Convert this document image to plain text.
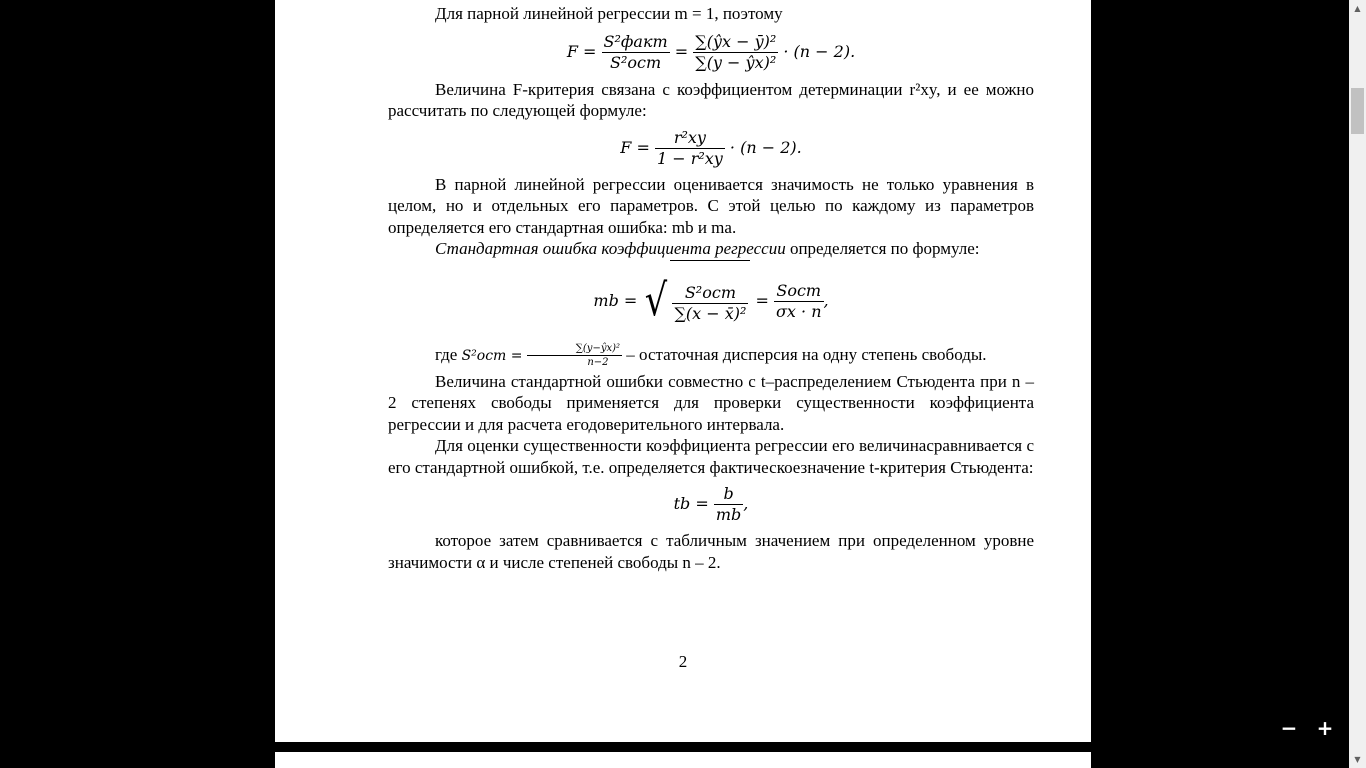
Для парной линейной регрессии m = 1, поэтому

$F = \frac{\text{S²факт}}{\text{S²ост}} = \frac{\text{∑(ŷx − ȳ)²}}{\text{∑(y − ŷx)²}} \cdot (n - 2)$.

Величина F-критерия связана с коэффициентом детерминации r²xy, и ее можно рассчитать по следующей формуле:

$F = \frac{\text{r²xy}}{\text{1 − r²xy}} \cdot (n - 2)$.

В парной линейной регрессии оценивается значимость не только уравнения в целом, но и отдельных его параметров. С этой целью по каждому из параметров определяется его стандартная ошибка: mb и ma.

Стандартная ошибка коэффициента регрессии определяется по формуле:

mb = √ $\frac{\text{S²ост}}{\text{∑(x − x̄)²}} = \frac{\text{Sост}}{\sigma x \cdot n}$ ,

где $S^2ост = \frac{\text{∑(y−ŷx)²}}{n-2}$ – остаточная дисперсия на одну степень свободы.

Величина стандартной ошибки совместно с t–распределением Стьюдента при n – 2 степенях свободы применяется для проверки существенности коэффициента регрессии и для расчета егодоверительного интервала.

Для оценки существенности коэффициента регрессии его величинасравнивается с его стандартной ошибкой, т.е. определяется фактическоезначение t-критерия Стьюдента:

tb = $\frac{b}{mb}$ ,

которое затем сравнивается с табличным значением при определенном уровне значимости α и числе степеней свободы n – 2.

2
− +
▲
▼
